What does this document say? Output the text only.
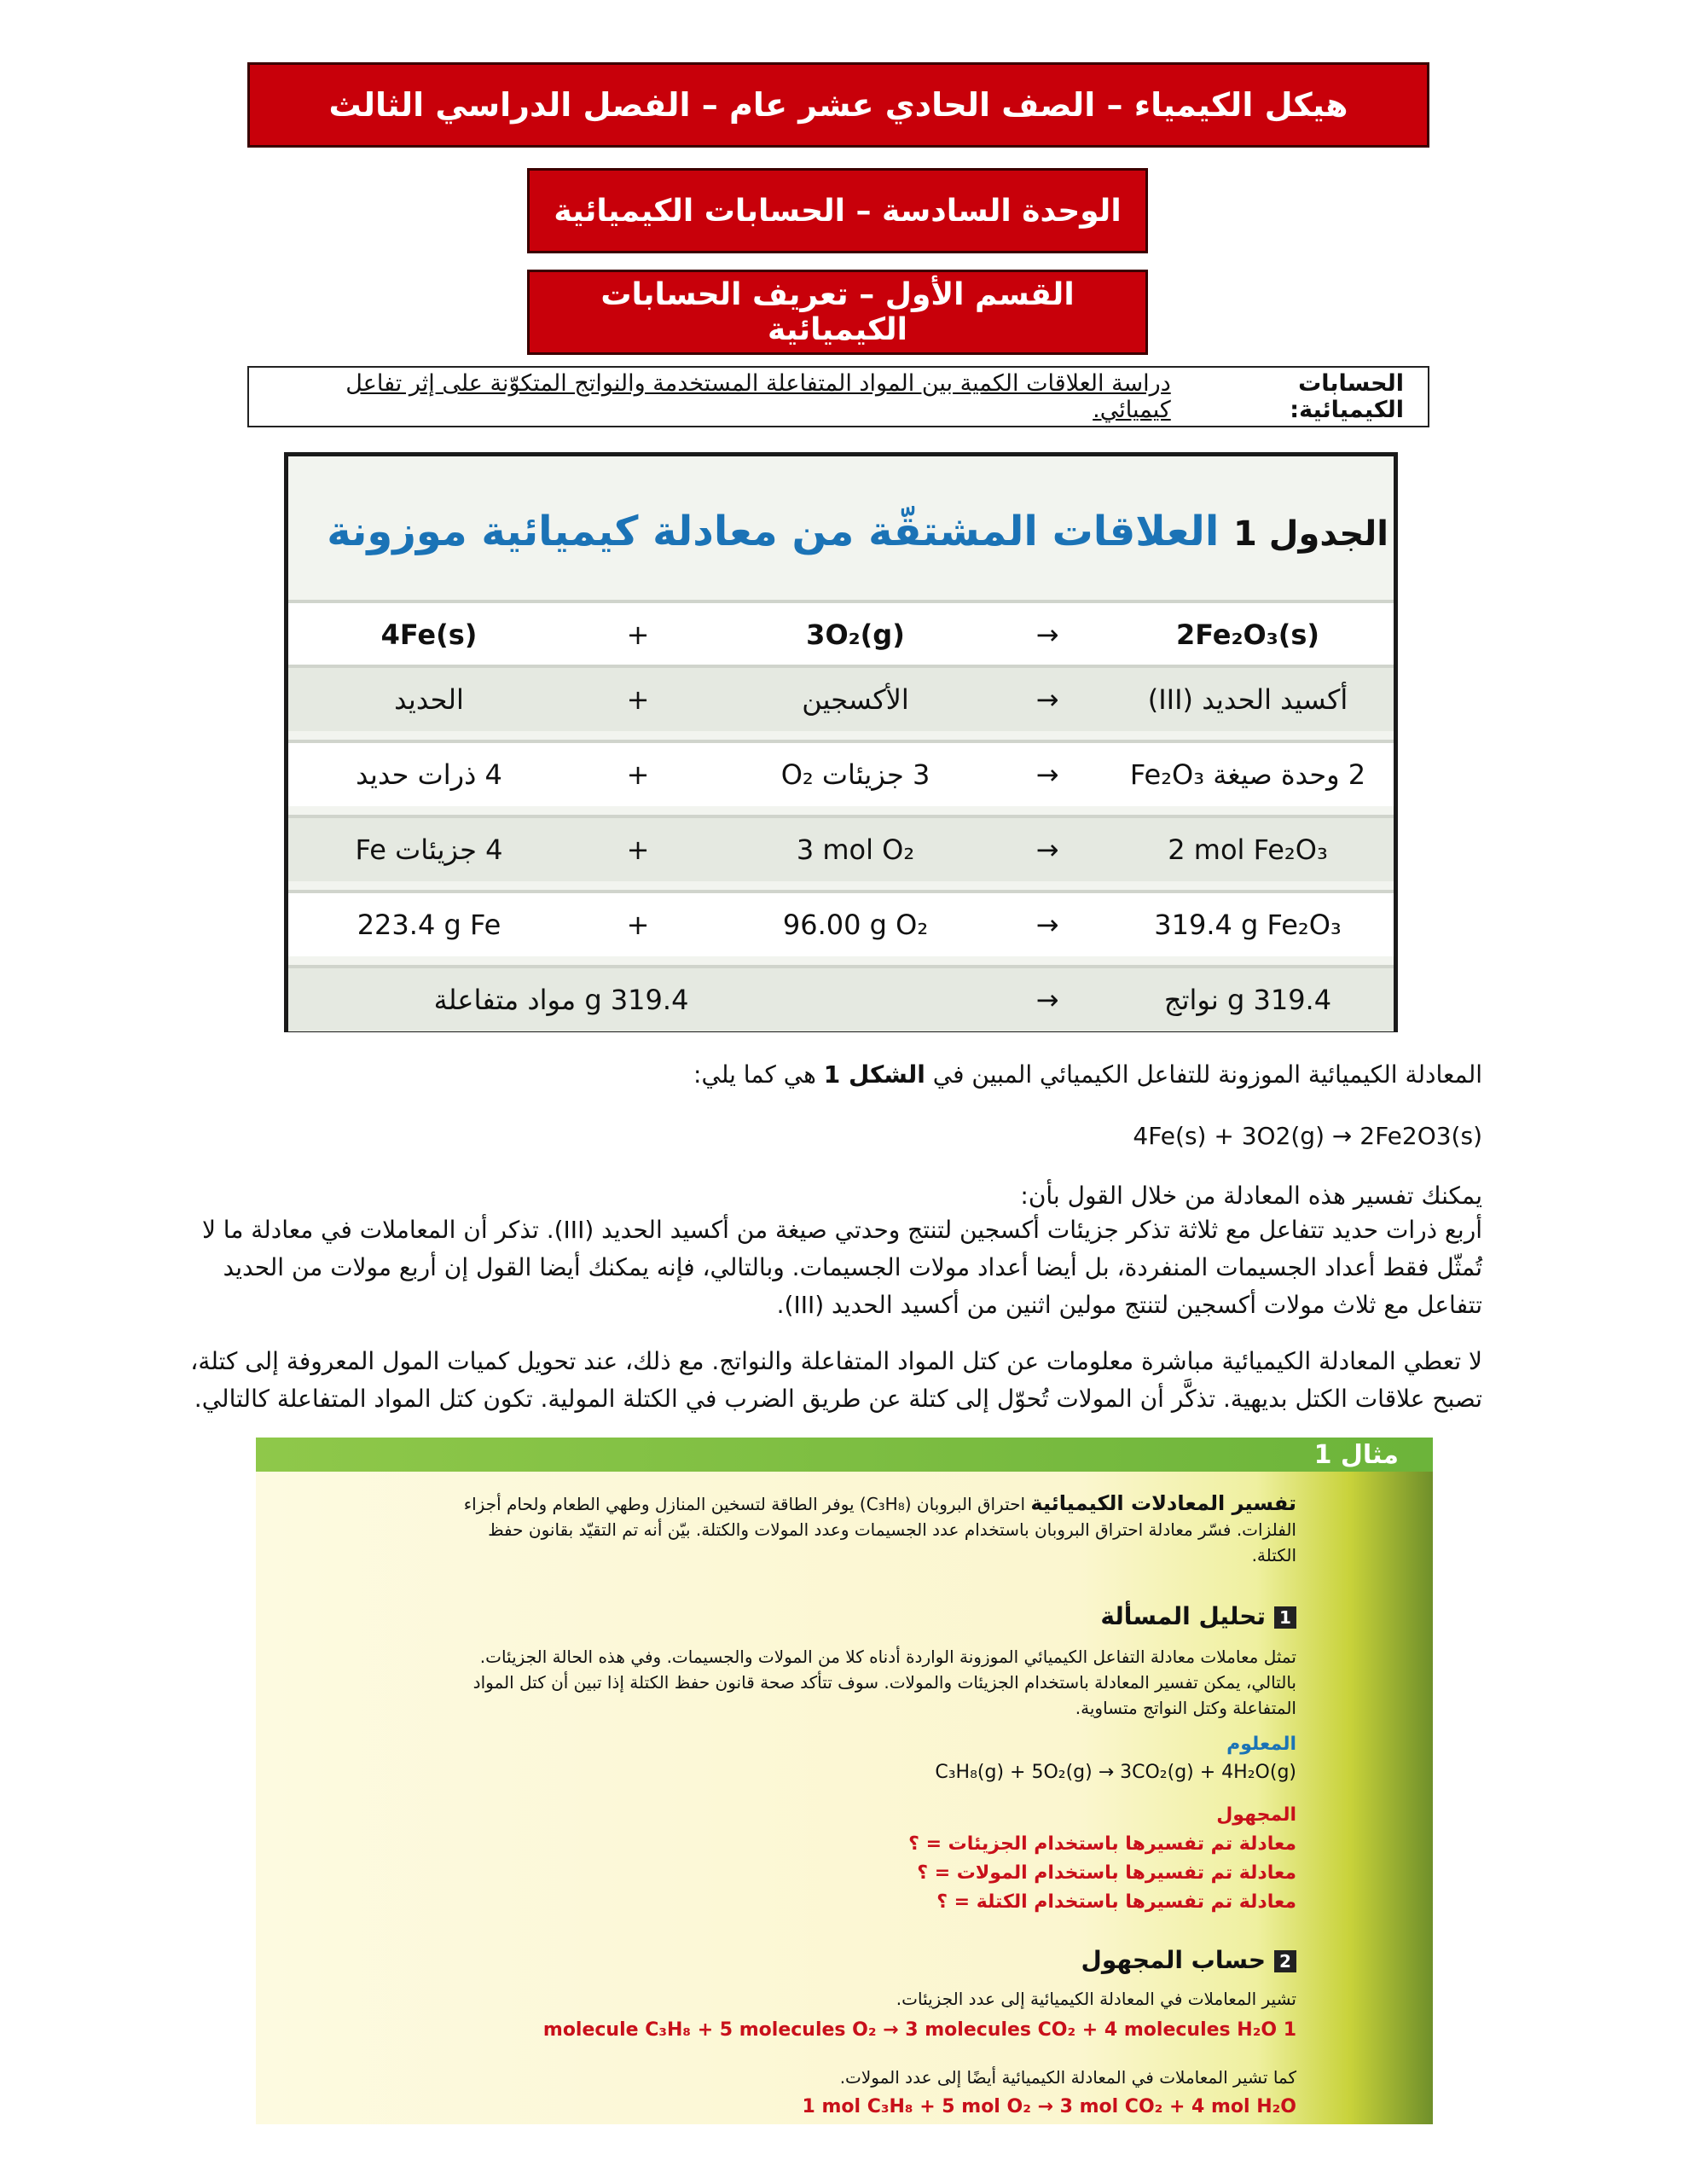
هيكل الكيمياء – الصف الحادي عشر عام – الفصل الدراسي الثالث
الوحدة السادسة – الحسابات الكيميائية
القسم الأول – تعريف الحسابات الكيميائية
الحسابات الكيميائية:
دراسة العلاقات الكمية بين المواد المتفاعلة المستخدمة والنواتج المتكوّنة على إثر تفاعل كيميائي.
الجدول 1 العلاقات المشتقّة من معادلة كيميائية موزونة
2Fe₂O₃(s)
→
3O₂(g)
+
4Fe(s)
أكسيد الحديد (III)
→
الأكسجين
+
الحديد
2 وحدة صيغة Fe₂O₃
→
3 جزيئات O₂
+
4 ذرات حديد
2 mol Fe₂O₃
→
3 mol O₂
+
4 جزيئات Fe
319.4 g Fe₂O₃
→
96.00 g O₂
+
223.4 g Fe
319.4 g نواتج
→
319.4 g مواد متفاعلة
المعادلة الكيميائية الموزونة للتفاعل الكيميائي المبين في الشكل 1 هي كما يلي:
4Fe(s) + 3O2(g) → 2Fe2O3(s)
يمكنك تفسير هذه المعادلة من خلال القول بأن:
أربع ذرات حديد تتفاعل مع ثلاثة تذكر جزيئات أكسجين لتنتج وحدتي صيغة من أكسيد الحديد (III). تذكر أن المعاملات في معادلة ما لا تُمثّل فقط أعداد الجسيمات المنفردة، بل أيضا أعداد مولات الجسيمات. وبالتالي، فإنه يمكنك أيضا القول إن أربع مولات من الحديد تتفاعل مع ثلاث مولات أكسجين لتنتج مولين اثنين من أكسيد الحديد (III).
لا تعطي المعادلة الكيميائية مباشرة معلومات عن كتل المواد المتفاعلة والنواتج. مع ذلك، عند تحويل كميات المول المعروفة إلى كتلة، تصبح علاقات الكتل بديهية. تذكَّر أن المولات تُحوّل إلى كتلة عن طريق الضرب في الكتلة المولية. تكون كتل المواد المتفاعلة كالتالي.
مثال 1
تفسير المعادلات الكيميائية احتراق البروبان (C₃H₈) يوفر الطاقة لتسخين المنازل وطهي الطعام ولحام أجزاء الفلزات. فسّر معادلة احتراق البروبان باستخدام عدد الجسيمات وعدد المولات والكتلة. بيّن أنه تم التقيّد بقانون حفظ الكتلة.
1تحليل المسألة
تمثل معاملات معادلة التفاعل الكيميائي الموزونة الواردة أدناه كلا من المولات والجسيمات. وفي هذه الحالة الجزيئات. بالتالي، يمكن تفسير المعادلة باستخدام الجزيئات والمولات. سوف تتأكد صحة قانون حفظ الكتلة إذا تبين أن كتل المواد المتفاعلة وكتل النواتج متساوية.
المعلوم
C₃H₈(g) + 5O₂(g) → 3CO₂(g) + 4H₂O(g)
المجهول
معادلة تم تفسيرها باستخدام الجزيئات = ؟
معادلة تم تفسيرها باستخدام المولات = ؟
معادلة تم تفسيرها باستخدام الكتلة = ؟
2حساب المجهول
تشير المعاملات في المعادلة الكيميائية إلى عدد الجزيئات.
molecule C₃H₈ + 5 molecules O₂ → 3 molecules CO₂ + 4 molecules H₂O 1
كما تشير المعاملات في المعادلة الكيميائية أيضًا إلى عدد المولات.
1 mol C₃H₈ + 5 mol O₂ → 3 mol CO₂ + 4 mol H₂O
